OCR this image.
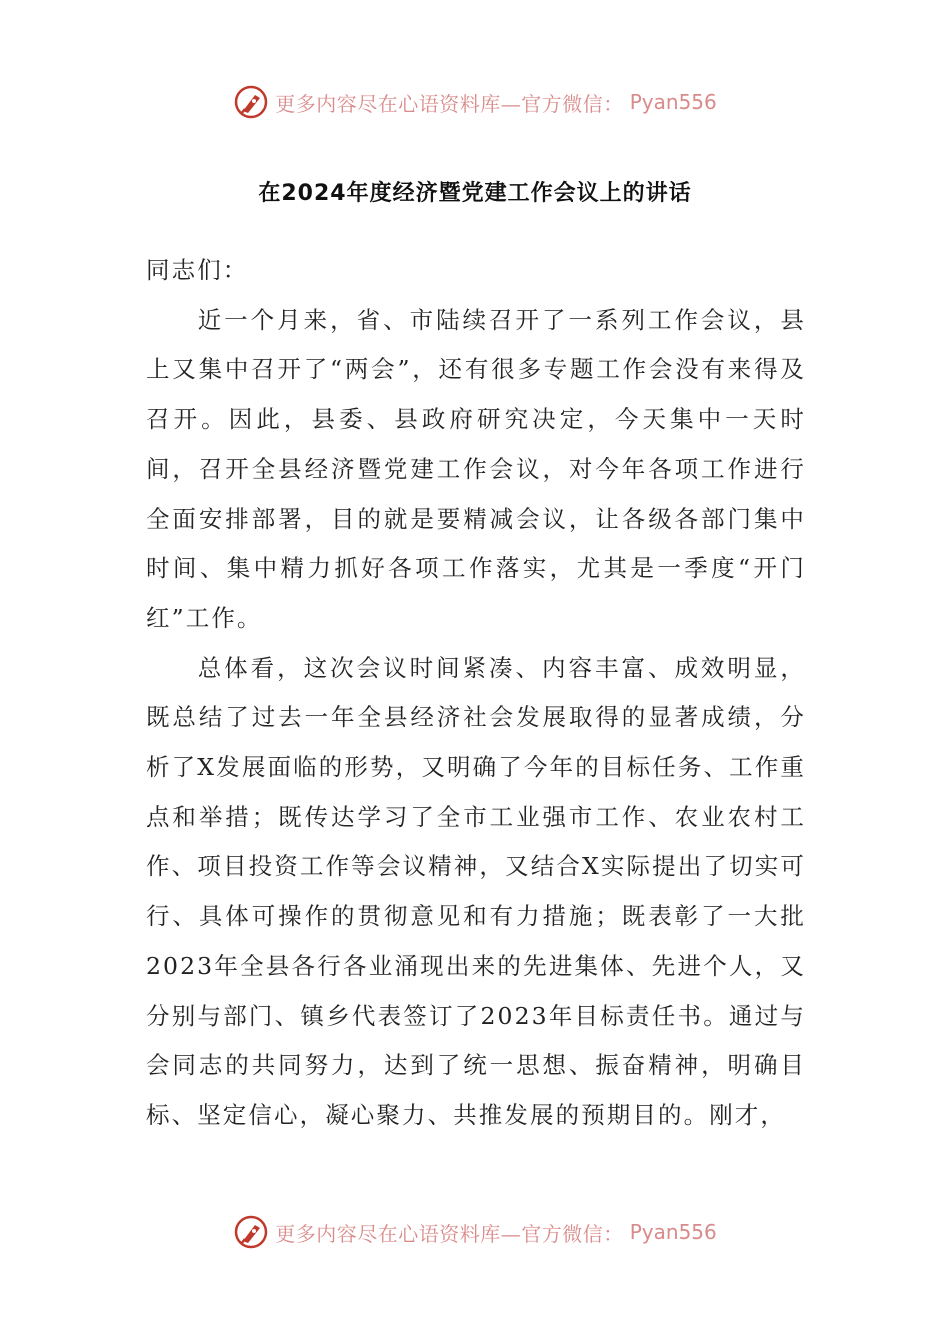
更多内容尽在心语资料库—官方微信： Pyan556
在2024年度经济暨党建工作会议上的讲话

同志们：

近一个月来，省、市陆续召开了一系列工作会议，县上又集中召开了“两会”，还有很多专题工作会没有来得及召开。因此，县委、县政府研究决定，今天集中一天时间，召开全县经济暨党建工作会议，对今年各项工作进行全面安排部署，目的就是要精减会议，让各级各部门集中时间、集中精力抓好各项工作落实，尤其是一季度“开门红”工作。

总体看，这次会议时间紧凑、内容丰富、成效明显，既总结了过去一年全县经济社会发展取得的显著成绩，分析了X发展面临的形势，又明确了今年的目标任务、工作重点和举措；既传达学习了全市工业强市工作、农业农村工作、项目投资工作等会议精神，又结合X实际提出了切实可行、具体可操作的贯彻意见和有力措施；既表彰了一大批2023年全县各行各业涌现出来的先进集体、先进个人，又分别与部门、镇乡代表签订了2023年目标责任书。通过与会同志的共同努力，达到了统一思想、振奋精神，明确目标、坚定信心，凝心聚力、共推发展的预期目的。刚才，

更多内容尽在心语资料库—官方微信： Pyan556
